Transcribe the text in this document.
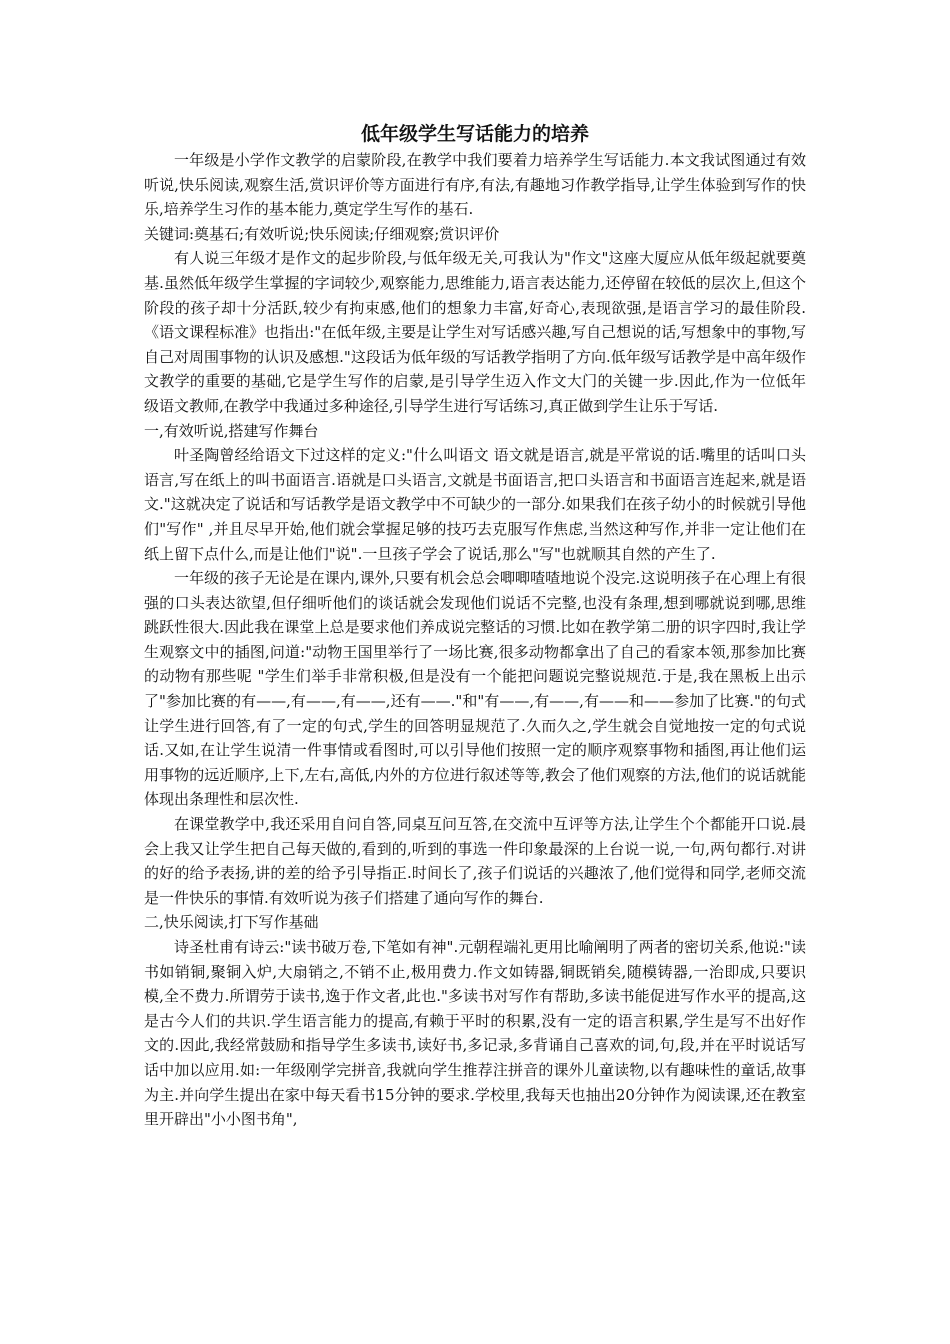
低年级学生写话能力的培养

一年级是小学作文教学的启蒙阶段,在教学中我们要着力培养学生写话能力.本文我试图通过有效听说,快乐阅读,观察生活,赏识评价等方面进行有序,有法,有趣地习作教学指导,让学生体验到写作的快乐,培养学生习作的基本能力,奠定学生写作的基石.

关键词:奠基石;有效听说;快乐阅读;仔细观察;赏识评价

有人说三年级才是作文的起步阶段,与低年级无关,可我认为"作文"这座大厦应从低年级起就要奠基.虽然低年级学生掌握的字词较少,观察能力,思维能力,语言表达能力,还停留在较低的层次上,但这个阶段的孩子却十分活跃,较少有拘束感,他们的想象力丰富,好奇心,表现欲强,是语言学习的最佳阶段.《语文课程标准》也指出:"在低年级,主要是让学生对写话感兴趣,写自己想说的话,写想象中的事物,写自己对周围事物的认识及感想."这段话为低年级的写话教学指明了方向.低年级写话教学是中高年级作文教学的重要的基础,它是学生写作的启蒙,是引导学生迈入作文大门的关键一步.因此,作为一位低年级语文教师,在教学中我通过多种途径,引导学生进行写话练习,真正做到学生让乐于写话.

一,有效听说,搭建写作舞台

叶圣陶曾经给语文下过这样的定义:"什么叫语文 语文就是语言,就是平常说的话.嘴里的话叫口头语言,写在纸上的叫书面语言.语就是口头语言,文就是书面语言,把口头语言和书面语言连起来,就是语文."这就决定了说话和写话教学是语文教学中不可缺少的一部分.如果我们在孩子幼小的时候就引导他们"写作" ,并且尽早开始,他们就会掌握足够的技巧去克服写作焦虑,当然这种写作,并非一定让他们在纸上留下点什么,而是让他们"说".一旦孩子学会了说话,那么"写"也就顺其自然的产生了.

一年级的孩子无论是在课内,课外,只要有机会总会唧唧喳喳地说个没完.这说明孩子在心理上有很强的口头表达欲望,但仔细听他们的谈话就会发现他们说话不完整,也没有条理,想到哪就说到哪,思维跳跃性很大.因此我在课堂上总是要求他们养成说完整话的习惯.比如在教学第二册的识字四时,我让学生观察文中的插图,问道:"动物王国里举行了一场比赛,很多动物都拿出了自己的看家本领,那参加比赛的动物有那些呢 "学生们举手非常积极,但是没有一个能把问题说完整说规范.于是,我在黑板上出示了"参加比赛的有——,有——,有——,还有——."和"有——,有——,有——和——参加了比赛."的句式让学生进行回答,有了一定的句式,学生的回答明显规范了.久而久之,学生就会自觉地按一定的句式说话.又如,在让学生说清一件事情或看图时,可以引导他们按照一定的顺序观察事物和插图,再让他们运用事物的远近顺序,上下,左右,高低,内外的方位进行叙述等等,教会了他们观察的方法,他们的说话就能体现出条理性和层次性.

在课堂教学中,我还采用自问自答,同桌互问互答,在交流中互评等方法,让学生个个都能开口说.晨会上我又让学生把自己每天做的,看到的,听到的事选一件印象最深的上台说一说,一句,两句都行.对讲的好的给予表扬,讲的差的给予引导指正.时间长了,孩子们说话的兴趣浓了,他们觉得和同学,老师交流是一件快乐的事情.有效听说为孩子们搭建了通向写作的舞台.

二,快乐阅读,打下写作基础

诗圣杜甫有诗云:"读书破万卷,下笔如有神".元朝程端礼更用比喻阐明了两者的密切关系,他说:"读书如销铜,聚铜入炉,大扇销之,不销不止,极用费力.作文如铸器,铜既销矣,随模铸器,一治即成,只要识模,全不费力.所谓劳于读书,逸于作文者,此也."多读书对写作有帮助,多读书能促进写作水平的提高,这是古今人们的共识.学生语言能力的提高,有赖于平时的积累,没有一定的语言积累,学生是写不出好作文的.因此,我经常鼓励和指导学生多读书,读好书,多记录,多背诵自己喜欢的词,句,段,并在平时说话写话中加以应用.如:一年级刚学完拼音,我就向学生推荐注拼音的课外儿童读物,以有趣味性的童话,故事为主.并向学生提出在家中每天看书15分钟的要求.学校里,我每天也抽出20分钟作为阅读课,还在教室里开辟出"小小图书角",
